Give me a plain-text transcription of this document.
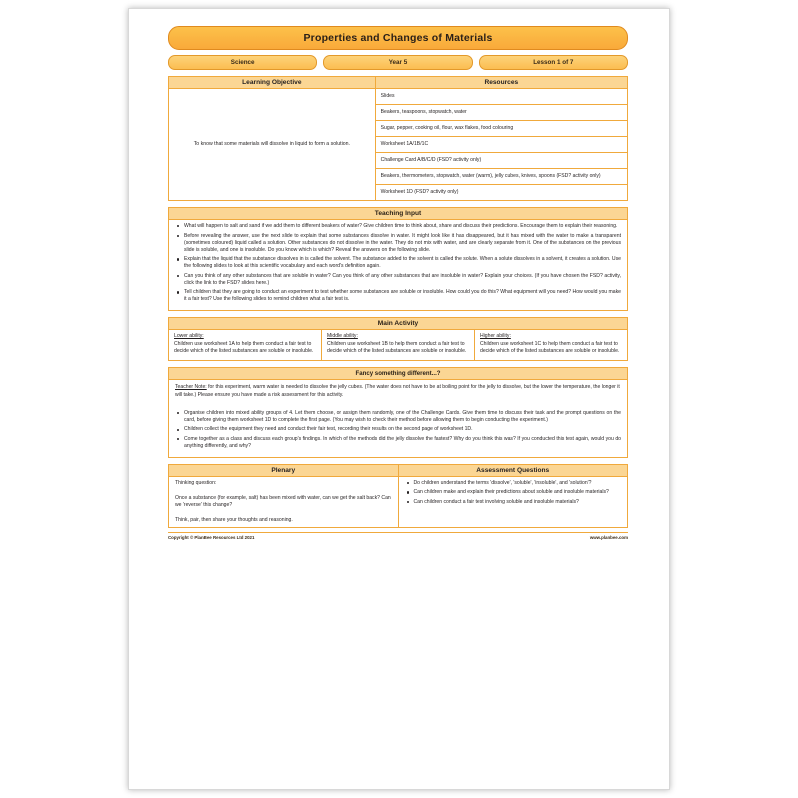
Properties and Changes of Materials
Science	Year 5	Lesson 1 of 7
Learning Objective
To know that some materials will dissolve in liquid to form a solution.
Resources
Slides
Beakers, teaspoons, stopwatch, water
Sugar, pepper, cooking oil, flour, wax flakes, food colouring
Worksheet 1A/1B/1C
Challenge Card A/B/C/D (FSD? activity only)
Beakers, thermometers, stopwatch, water (warm), jelly cubes, knives, spoons (FSD? activity only)
Worksheet 1D (FSD? activity only)
Teaching Input
What will happen to salt and sand if we add them to different beakers of water? Give children time to think about, share and discuss their predictions. Encourage them to explain their reasoning.
Before revealing the answer, use the next slide to explain that some substances dissolve in water. It might look like it has disappeared, but it has mixed with the water to make a transparent (sometimes coloured) liquid called a solution. Other substances do not dissolve in the water. They do not mix with water, and are clearly separate from it. One of the substances on the previous slide is soluble, and one is insoluble. Do you know which is which? Reveal the answers on the following slide.
Explain that the liquid that the substance dissolves in is called the solvent. The substance added to the solvent is called the solute. When a solute dissolves in a solvent, it creates a solution. Use the following slides to look at this scientific vocabulary and each word's definition again.
Can you think of any other substances that are soluble in water? Can you think of any other substances that are insoluble in water? Explain your choices. (If you have chosen the FSD? activity, click the link to the FSD? slides here.)
Tell children that they are going to conduct an experiment to test whether some substances are soluble or insoluble. How could you do this? What equipment will you need? How would you make it a fair test? Use the following slides to remind children what a fair test is.
Main Activity
Lower ability:
Children use worksheet 1A to help them conduct a fair test to decide which of the listed substances are soluble or insoluble.
Middle ability:
Children use worksheet 1B to help them conduct a fair test to decide which of the listed substances are soluble or insoluble.
Higher ability:
Children use worksheet 1C to help them conduct a fair test to decide which of the listed substances are soluble or insoluble.
Fancy something different...?
Teacher Note: for this experiment, warm water is needed to dissolve the jelly cubes. (The water does not have to be at boiling point for the jelly to dissolve, but the lower the temperature, the longer it will take.) Please ensure you have made a risk assessment for this activity.
Organise children into mixed ability groups of 4. Let them choose, or assign them randomly, one of the Challenge Cards. Give them time to discuss their task and the prompt questions on the card, before giving them worksheet 1D to complete the first page. (You may wish to check their method before allowing them to begin conducting the experiment.)
Children collect the equipment they need and conduct their fair test, recording their results on the second page of worksheet 1D.
Come together as a class and discuss each group's findings. In which of the methods did the jelly dissolve the fastest? Why do you think this was? If you conducted this test again, would you do anything differently, and why?
Plenary
Thinking question:
Once a substance (for example, salt) has been mixed with water, can we get the salt back? Can we 'reverse' this change?
Think, pair, then share your thoughts and reasoning.
Assessment Questions
Do children understand the terms 'dissolve', 'soluble', 'insoluble', and 'solution'?
Can children make and explain their predictions about soluble and insoluble materials?
Can children conduct a fair test involving soluble and insoluble materials?
Copyright © PlanBee Resources Ltd 2021	www.planbee.com
